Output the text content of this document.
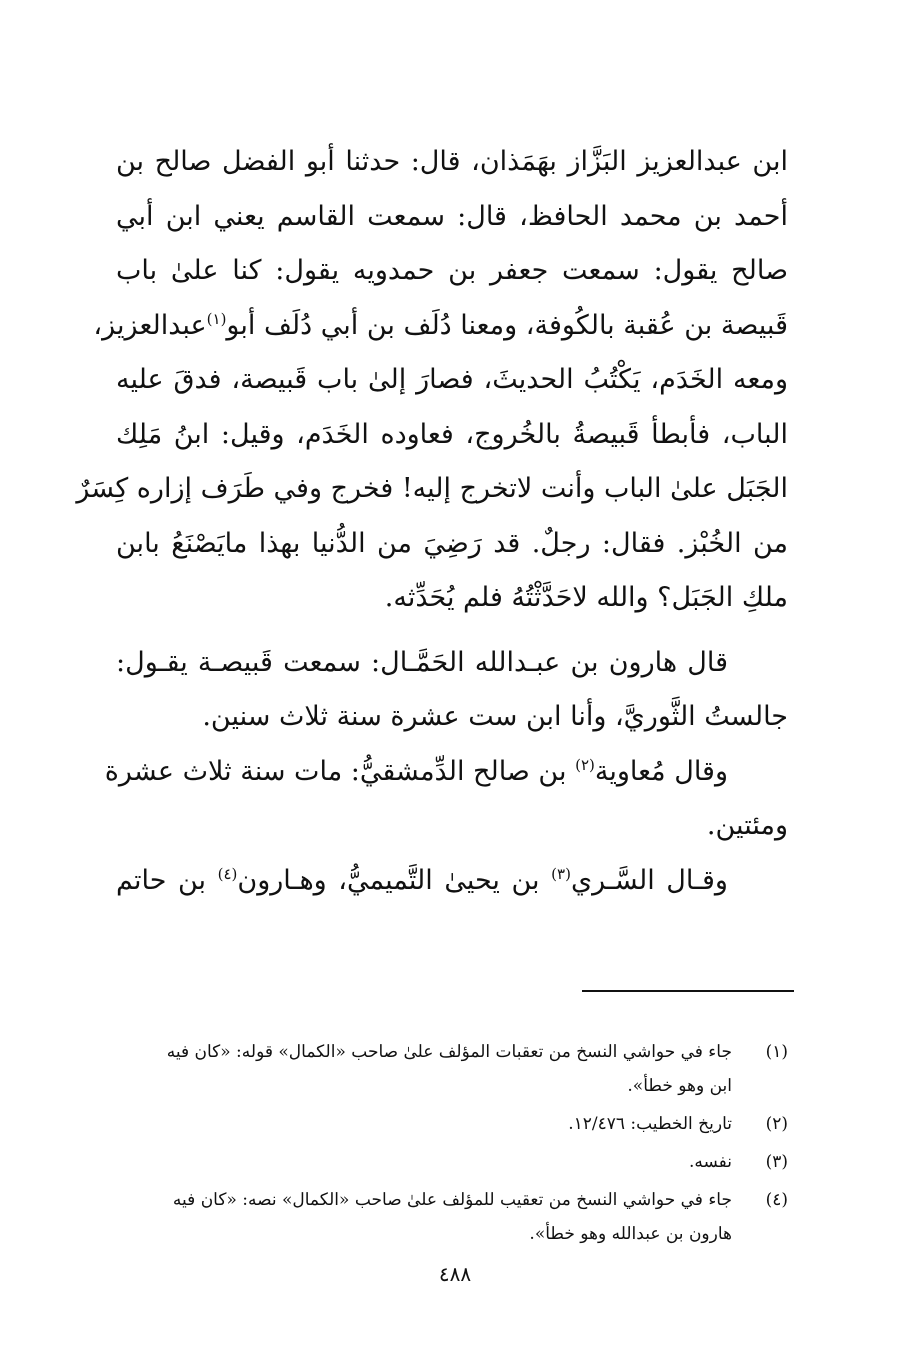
ابن عبدالعزيز البَزَّاز بهَمَذان، قال: حدثنا أبو الفضل صالح بن
أحمد بن محمد الحافظ، قال: سمعت القاسم يعني ابن أبي
صالح يقول: سمعت جعفر بن حمدويه يقول: كنا علىٰ باب
قَبيصة بن عُقبة بالكُوفة، ومعنا دُلَف بن أبي دُلَف أبو$^{(١)}$عبدالعزيز،
ومعه الخَدَم، يَكْتُبُ الحديثَ، فصارَ إلىٰ باب قَبيصة، فدقَ عليه
الباب، فأبطأ قَبيصةُ بالخُروج، فعاوده الخَدَم، وقيل: ابنُ مَلِك
الجَبَل علىٰ الباب وأنت لاتخرج إليه! فخرج وفي طَرَف إزاره كِسَرٌ
من الخُبْز. فقال: رجلٌ. قد رَضِيَ من الدُّنيا بهذا مايَصْنَعُ بابن
ملكِ الجَبَل؟ والله لاحَدَّثْتُهُ فلم يُحَدِّثه.
قال هارون بن عبـدالله الحَمَّـال: سمعت قَبيصـة يقـول:
جالستُ الثَّوريَّ، وأنا ابن ست عشرة سنة ثلاث سنين.
وقال مُعاوية$^{(٢)}$ بن صالح الدِّمشقيُّ: مات سنة ثلاث عشرة
ومئتين.
وقـال السَّـري$^{(٣)}$ بن يحيىٰ التَّميميُّ، وهـارون$^{(٤)}$ بن حاتم
(١)
جاء في حواشي النسخ من تعقبات المؤلف علىٰ صاحب «الكمال» قوله: «كان فيه
ابن وهو خطأ».
(٢)
تاريخ الخطيب: ١٢/٤٧٦.
(٣)
نفسه.
(٤)
جاء في حواشي النسخ من تعقيب للمؤلف علىٰ صاحب «الكمال» نصه: «كان فيه
هارون بن عبدالله وهو خطأ».
٤٨٨
